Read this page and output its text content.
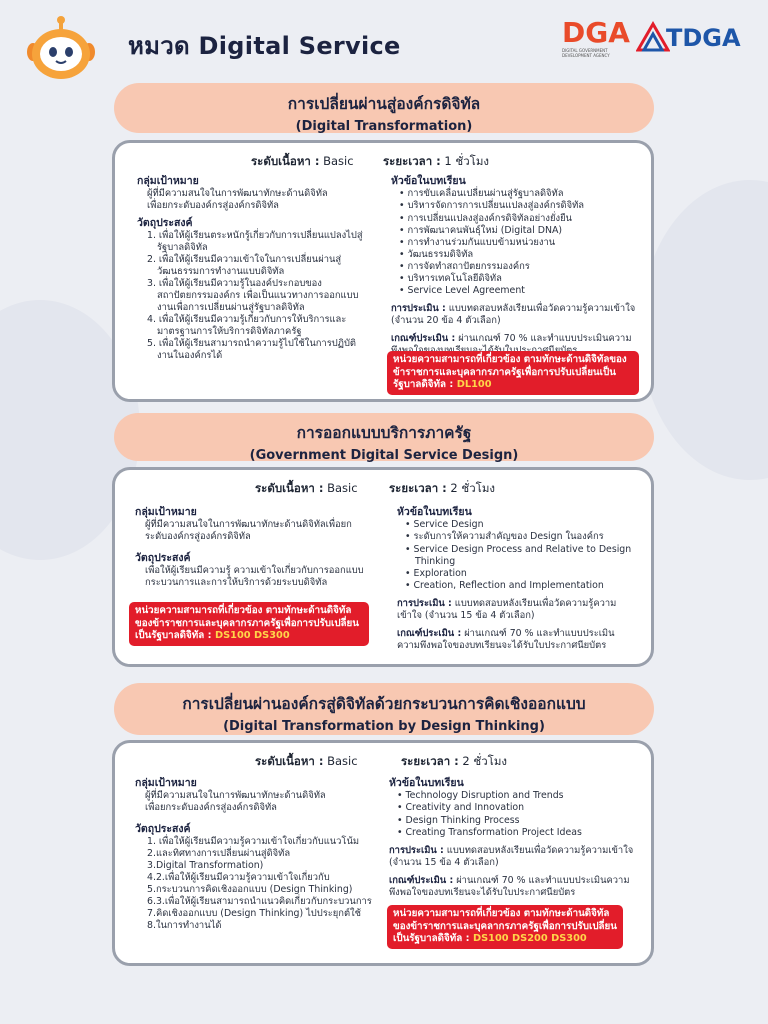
หมวด Digital Service	DGA
DIGITAL GOVERNMENT DEVELOPMENT AGENCY
TDGA
การเปลี่ยนผ่านสู่องค์กรดิจิทัล
(Digital Transformation)
ระดับเนื้อหา : Basic	ระยะเวลา : 1 ชั่วโมง
กลุ่มเป้าหมาย
ผู้ที่มีความสนใจในการพัฒนาทักษะด้านดิจิทัล
เพื่อยกระดับองค์กรสู่องค์กรดิจิทัล
วัตถุประสงค์
1. เพื่อให้ผู้เรียนตระหนักรู้เกี่ยวกับการเปลี่ยนแปลงไปสู่รัฐบาลดิจิทัล
2. เพื่อให้ผู้เรียนมีความเข้าใจในการเปลี่ยนผ่านสู่วัฒนธรรมการทำงานแบบดิจิทัล
3. เพื่อให้ผู้เรียนมีความรู้ในองค์ประกอบของสถาปัตยกรรมองค์กร เพื่อเป็นแนวทางการออกแบบงานเพื่อการเปลี่ยนผ่านสู่รัฐบาลดิจิทัล
4. เพื่อให้ผู้เรียนมีความรู้เกี่ยวกับการให้บริการและมาตรฐานการให้บริการดิจิทัลภาครัฐ
5. เพื่อให้ผู้เรียนสามารถนำความรู้ไปใช้ในการปฏิบัติงานในองค์กรได้
หัวข้อในบทเรียน
• การขับเคลื่อนเปลี่ยนผ่านสู่รัฐบาลดิจิทัล
• บริหารจัดการการเปลี่ยนแปลงสู่องค์กรดิจิทัล
• การเปลี่ยนแปลงสู่องค์กรดิจิทัลอย่างยั่งยืน
• การพัฒนาคนพันธุ์ใหม่ (Digital DNA)
• การทำงานร่วมกันแบบข้ามหน่วยงาน
• วัฒนธรรมดิจิทัล
• การจัดทำสถาปัตยกรรมองค์กร
• บริหารเทคโนโลยีดิจิทัล
• Service Level Agreement
การประเมิน : แบบทดสอบหลังเรียนเพื่อวัดความรู้ความเข้าใจ (จำนวน 20 ข้อ 4 ตัวเลือก)
เกณฑ์ประเมิน : ผ่านเกณฑ์ 70 % และทำแบบประเมินความ
หน่วยความสามารถที่เกี่ยวข้อง ตามทักษะด้านดิจิทัลของข้าราชการและบุคลากรภาครัฐเพื่อการปรับเปลี่ยนเป็นรัฐบาลดิจิทัล : DL100
การออกแบบบริการภาครัฐ
(Government Digital Service Design)
ระดับเนื้อหา : Basic	ระยะเวลา : 2 ชั่วโมง
กลุ่มเป้าหมาย
ผู้ที่มีความสนใจในการพัฒนาทักษะด้านดิจิทัลเพื่อยกระดับองค์กรสู่องค์กรดิจิทัล
วัตถุประสงค์
เพื่อให้ผู้เรียนมีความรู้ ความเข้าใจเกี่ยวกับการออกแบบกระบวนการและการให้บริการด้วยระบบดิจิทัล
หน่วยความสามารถที่เกี่ยวข้อง ตามทักษะด้านดิจิทัลของข้าราชการและบุคลากรภาครัฐเพื่อการปรับเปลี่ยนเป็นรัฐบาลดิจิทัล : DS100 DS300
หัวข้อในบทเรียน
• Service Design
• ระดับการให้ความสำคัญของ Design ในองค์กร
• Service Design Process and Relative to Design Thinking
• Exploration
• Creation, Reflection and Implementation
การประเมิน : แบบทดสอบหลังเรียนเพื่อวัดความรู้ความเข้าใจ (จำนวน 15 ข้อ 4 ตัวเลือก)
เกณฑ์ประเมิน : ผ่านเกณฑ์ 70 % และทำแบบประเมินความพึงพอใจของบทเรียนจะได้รับใบประกาศนียบัตร
การเปลี่ยนผ่านองค์กรสู่ดิจิทัลด้วยกระบวนการคิดเชิงออกแบบ
(Digital Transformation by Design Thinking)
ระดับเนื้อหา : Basic	ระยะเวลา : 2 ชั่วโมง
กลุ่มเป้าหมาย
ผู้ที่มีความสนใจในการพัฒนาทักษะด้านดิจิทัล
เพื่อยกระดับองค์กรสู่องค์กรดิจิทัล
วัตถุประสงค์
1. เพื่อให้ผู้เรียนมีความรู้ความเข้าใจเกี่ยวกับแนวโน้ม
2.และทิศทางการเปลี่ยนผ่านสู่ดิจิทัล
3.Digital Transformation)
4.2.เพื่อให้ผู้เรียนมีความรู้ความเข้าใจเกี่ยวกับ
5.กระบวนการคิดเชิงออกแบบ (Design Thinking)
6.3.เพื่อให้ผู้เรียนสามารถนำแนวคิดเกี่ยวกับกระบวนการ
7.คิดเชิงออกแบบ (Design Thinking) ไปประยุกต์ใช้
8.ในการทำงานได้
หัวข้อในบทเรียน
• Technology Disruption and Trends
• Creativity and Innovation
• Design Thinking Process
• Creating Transformation Project Ideas
การประเมิน : แบบทดสอบหลังเรียนเพื่อวัดความรู้ความเข้าใจ (จำนวน 15 ข้อ 4 ตัวเลือก)
เกณฑ์ประเมิน : ผ่านเกณฑ์ 70 % และทำแบบประเมินความพึงพอใจของบทเรียนจะได้รับใบประกาศนียบัตร
หน่วยความสามารถที่เกี่ยวข้อง ตามทักษะด้านดิจิทัลของข้าราชการและบุคลากรภาครัฐเพื่อการปรับเปลี่ยนเป็นรัฐบาลดิจิทัล : DS100 DS200 DS300
